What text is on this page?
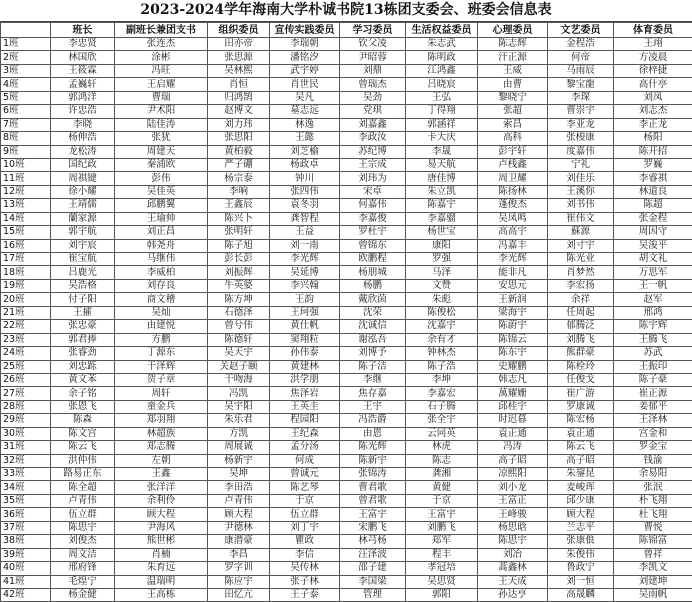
2023-2024学年海南大学朴诚书院13栋团支委会、班委会信息表
	班长	副班长兼团支书	组织委员	宣传实践委员	学习委员	生活权益委员	心理委员	文艺委员	体育委员
1班	李忠贤	张连杰	田亦帝	李瑞朝	钦父凌	朱志武	陈志辉	金程浩	王翊
2班	林国欣	涂彬	张思源	潘铭汐	尹昭蓉	陈明政	汗正源	何帝	方凌晨
3班	王筱霖	冯旺	吴林熙	武宇婷	刘鼎	江鸿鑫	王威	马雨辰	徐梓捷
4班	孟巍轩	王启耀	肖恒	肖世民	曾瑞杰	吕晓宸	由曹	黎宝龍	高什亭
5班	郭鸿洋	曹瑞	归鸿鹄	吴凡	吴劲	王弘	黎晓宁	李琛	刘凤
6班	许忠浩	尹术阳	赵博文	墓志远	党琪	丁得翔	张超	曹崇宇	刘志杰
7班	李晓	陆佳涛	刘力玮	林逸	刘嘉鑫	郭涵祥	索昌	李亚龙	李正龙
8班	杨伸浩	张犹	张思阳	王懿	李政汝	卡大庆	高科	张梭康	杨阳
9班	龙松涛	周建天	黄柏毅	刘芝榆	苏纪博	李晟	彭宇轩	度嘉伟	陈开招
10班	国纪政	秦浦欧	严子硼	杨政卓	王宗成	易天航	卢栈鑫	宁礼	罗巍
11班	周祺键	彭伟	杨宗泰	钟川	刘玮为	唐佳博	周卫耀	刘佳乐	李睿祺
12班	徐小耀	吴佳英	李响	张四伟	宋卓	朱立凯	陈扬林	王溪你	林道良
13班	王靖儒	邱鹏翼	王鑫辰	袁冬羽	何嘉伟	陈嘉宇	蓬俊杰	刘书伟	陈超
14班	蘭家源	王瑜帅	陈兴卜	龚智程	李嘉俊	李嘉骝	吴凤鸣	崔伟文	张金程
15班	郭宇航	刘正昌	张明轩	王益	罗杜宇	杨世宝	高高宇	蘇源	周因守
16班	刘宇宸	韩尧舟	陈子旭	刘一南	曾锦东	康阳	冯嘉丰	刘寸宇	吴浚平
17班	崔宝航	马继伟	彭长彭	李光辉	欧鹏程	罗强	李光辉	陈光业	胡文礼
18班	吕鹿光	李威柏	刘振辉	吴延博	杨朋城	马泽	能非凡	肖梦然	万思军
19班	吴浩格	刘存良	牛英婆	李兴翰	杨鹏	文赞	安思元	李宏扬	王一帆
20班	付子阳	商文稽	陈方坤	王韵	戴欣茵	朱彪	王新润	余祥	赵军
21班	王攉	吴灿	石德泽	王珂强	沈荣	陈俊松	梁海宇	任周起	邢鸿
22班	张忠豪	由建悦	曾兮伟	黄仕帆	沈诚信	沈嘉宇	陈蔚宇	郁腾泛	陈宇辉
23班	郭君捧	方鹏	陈德轩	窦翔粒	谢泓吾	余有才	陈锦云	刘腾飞	王腾飞
24班	张睿劲	丁源东	吴天宇	孙伟泰	刘博予	钟林杰	陈东宇	熊群豪	苏武
25班	刘忠跞	干泽辉	关赵子颐	黄建林	陈子洁	陈子浩	史耀鹏	陈栓玲	王振印
26班	黄文苯	贺子章	干吻海	洪学朋	李继	李坤	韩志凡	任俊戈	陈子豪
27班	余子铭	周轩	冯凯	焦泽岩	焦存嘉	李嘉宏	萬耀姗	崔广游	崔正源
28班	张恩飞	童金兵	吴宇阳	王英圭	王宇	石子腾	邱桂宇	罗康诚	姜郁平
29班	陈森	郑羽翔	朱乐君	程园阳	冯浩爵	张全宇	时迟暮	陈宏杨	王泽林
30班	陈文宫	林超族	方凯	王纪森	由恩	云同英	袁正通	袁正通	宫金和
31班	陈云飞	郑志腾	周展诚	孟分汤	陈光辉	林虎	冯涛	陈云飞	罗金宝
32班	洪仲伟	左朝	杨新宇	何成	陈新宇	陈志	高子昭	高子昭	钱渝
33班	路易正东	王鑫	吴坤	曾诚元	张锦涛	龚湘	凉熙阳	朱鋆昆	余易阳
34班	陈全超	张洋洋	李田浩	陈艺琴	曹君歌	黄健	刘小龙	麦峻珲	张泯
35班	卢青伟	余利伶	卢青伟	于京	曾君歌	于京	王富正	邱少康	朴飞翔
36班	伍立群	顾大程	顾大程	伍立群	王富宇	王富宇	王峰骏	顾大程	杜飞翔
37班	陈思宇	尹海风	尹德林	刘丁宇	宋鹏飞	刘鹏飞	杨思晗	兰志平	曹悦
38班	刘俊杰	熊世彬	康潜豪	瞿政	林芎杨	郑军	陈思宇	张康俍	陈锦富
39班	周文洁	肖楠	李昌	李信	汪泽波	程丰	刘冶	朱俊伟	曾祥
40班	邢府锋	朱育远	罗字训	吴传林	邵子建	孝冠培	蒿鑫林	鲁政宁	李凯文
41班	毛煌宁	温瑞明	陈应宇	张子林	李国梁	吴思贤	王天成	刘一恒	刘建坤
42班	杨金健	王高栋	田忆亢	王子泰	管理	郭阳	孙达亨	高晟麟	吴雨帆
